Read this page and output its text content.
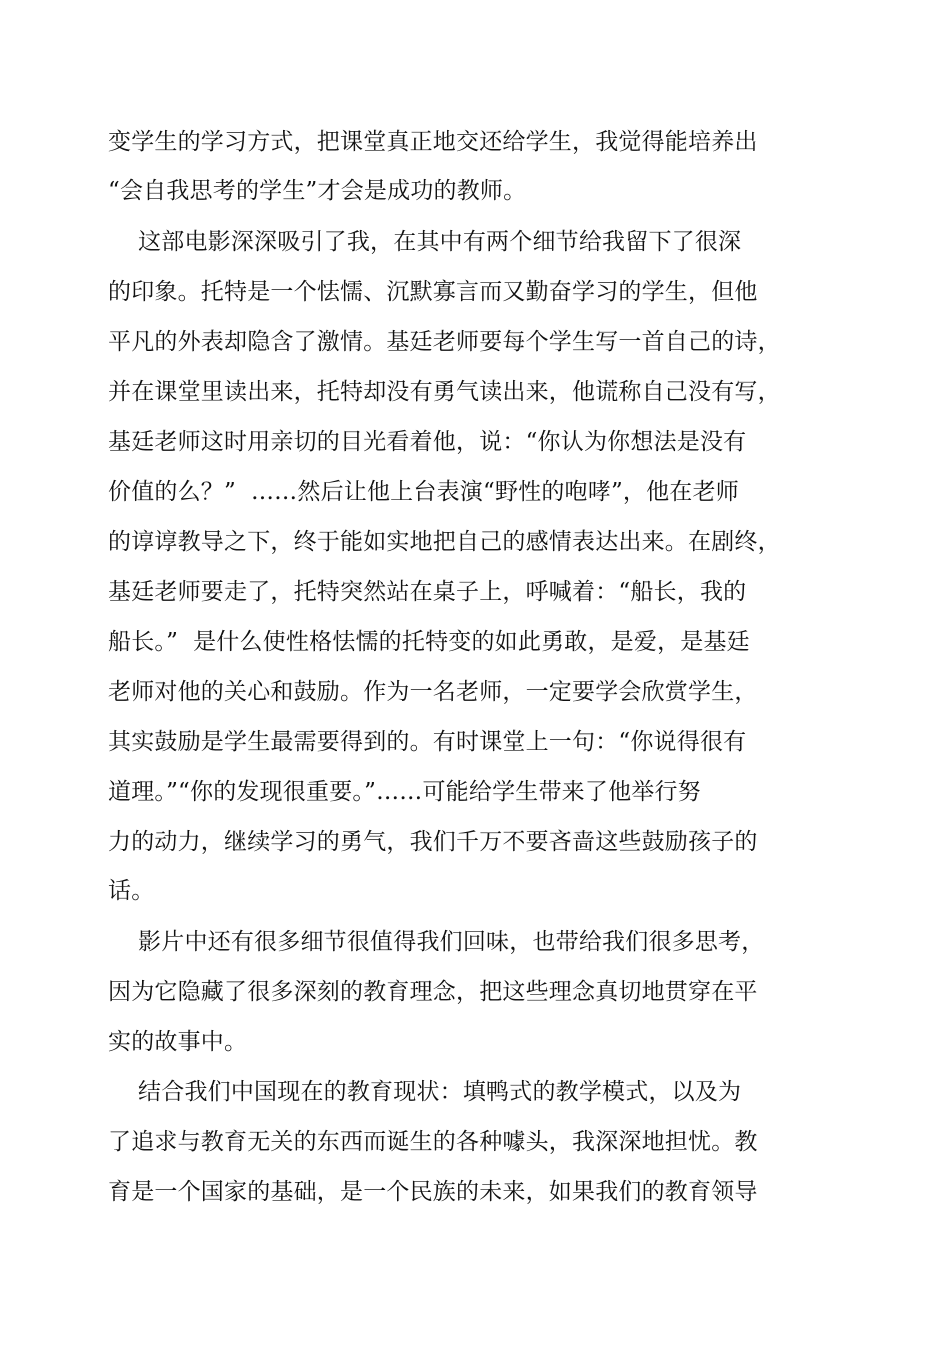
变学生的学习方式，把课堂真正地交还给学生，我觉得能培养出
“会自我思考的学生”才会是成功的教师。
这部电影深深吸引了我，在其中有两个细节给我留下了很深
的印象。托特是一个怯懦、沉默寡言而又勤奋学习的学生，但他
平凡的外表却隐含了激情。基廷老师要每个学生写一首自己的诗，
并在课堂里读出来，托特却没有勇气读出来，他谎称自己没有写，
基廷老师这时用亲切的目光看着他，说：“你认为你想法是没有
价值的么？”  ……然后让他上台表演“野性的咆哮”，他在老师
的谆谆教导之下，终于能如实地把自己的感情表达出来。在剧终，
基廷老师要走了，托特突然站在桌子上，呼喊着：“船长，我的
船长。”  是什么使性格怯懦的托特变的如此勇敢，是爱，是基廷
老师对他的关心和鼓励。作为一名老师，一定要学会欣赏学生，
其实鼓励是学生最需要得到的。有时课堂上一句：“你说得很有
道理。”“你的发现很重要。”……可能给学生带来了他举行努
力的动力，继续学习的勇气，我们千万不要吝啬这些鼓励孩子的
话。
影片中还有很多细节很值得我们回味，也带给我们很多思考，
因为它隐藏了很多深刻的教育理念，把这些理念真切地贯穿在平
实的故事中。
结合我们中国现在的教育现状：填鸭式的教学模式，以及为
了追求与教育无关的东西而诞生的各种噱头，我深深地担忧。教
育是一个国家的基础，是一个民族的未来，如果我们的教育领导
